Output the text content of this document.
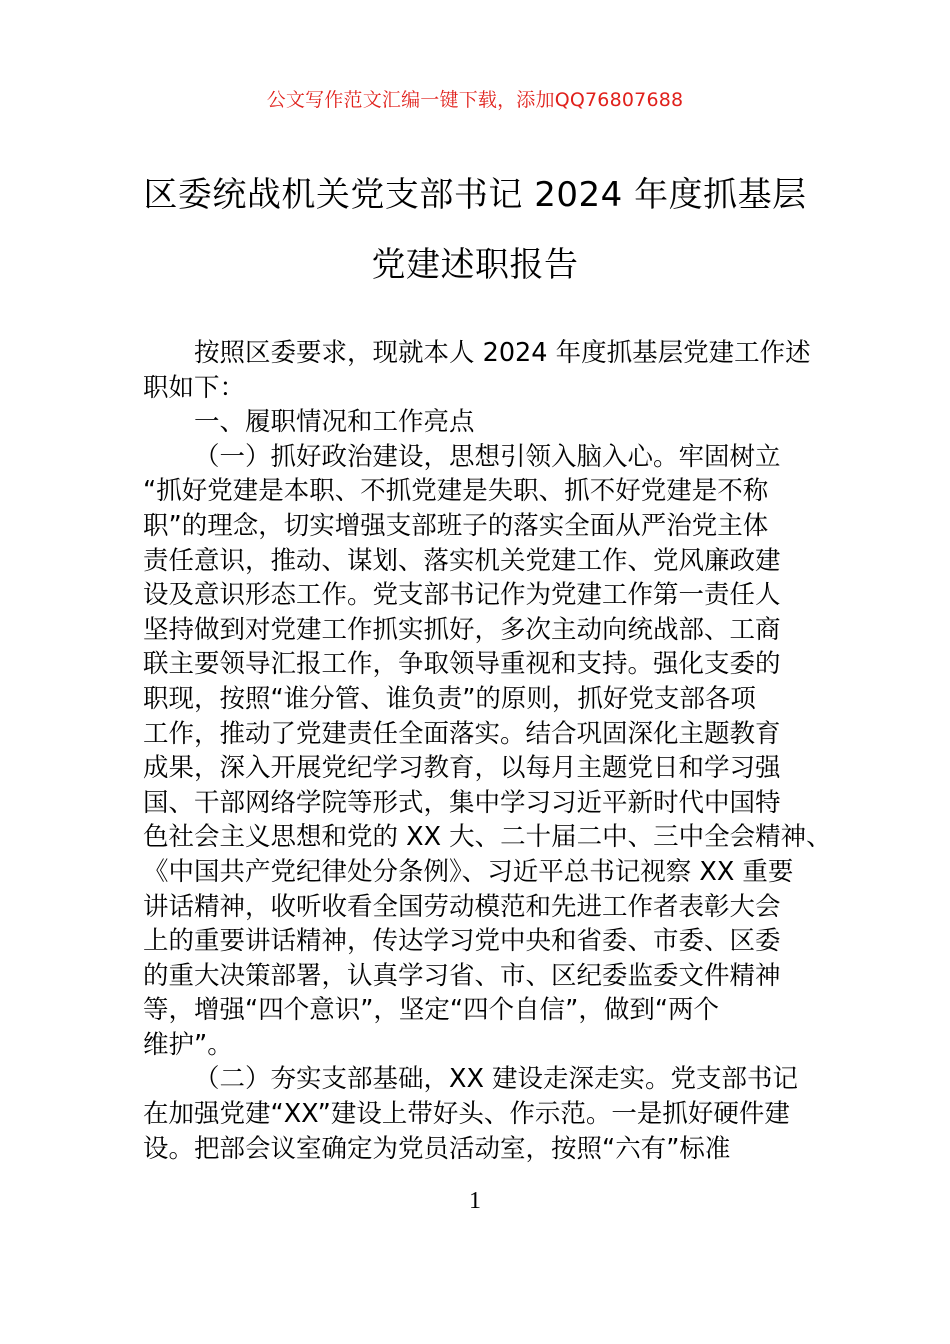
公文写作范文汇编一键下载，添加QQ76807688
区委统战机关党支部书记 2024 年度抓基层
党建述职报告
按照区委要求，现就本人 2024 年度抓基层党建工作述
职如下：
一、履职情况和工作亮点
（一）抓好政治建设，思想引领入脑入心。牢固树立
“抓好党建是本职、不抓党建是失职、抓不好党建是不称
职”的理念，切实增强支部班子的落实全面从严治党主体
责任意识，推动、谋划、落实机关党建工作、党风廉政建
设及意识形态工作。党支部书记作为党建工作第一责任人
坚持做到对党建工作抓实抓好，多次主动向统战部、工商
联主要领导汇报工作，争取领导重视和支持。强化支委的
职现，按照“谁分管、谁负责”的原则，抓好党支部各项
工作，推动了党建责任全面落实。结合巩固深化主题教育
成果，深入开展党纪学习教育，以每月主题党日和学习强
国、干部网络学院等形式，集中学习习近平新时代中国特
色社会主义思想和党的 XX 大、二十届二中、三中全会精神、
《中国共产党纪律处分条例》、习近平总书记视察 XX 重要
讲话精神，收听收看全国劳动模范和先进工作者表彰大会
上的重要讲话精神，传达学习党中央和省委、市委、区委
的重大决策部署，认真学习省、市、区纪委监委文件精神
等，增强“四个意识”，坚定“四个自信”，做到“两个
维护”。
（二）夯实支部基础，XX 建设走深走实。党支部书记
在加强党建“XX”建设上带好头、作示范。一是抓好硬件建
设。把部会议室确定为党员活动室，按照“六有”标准
1
